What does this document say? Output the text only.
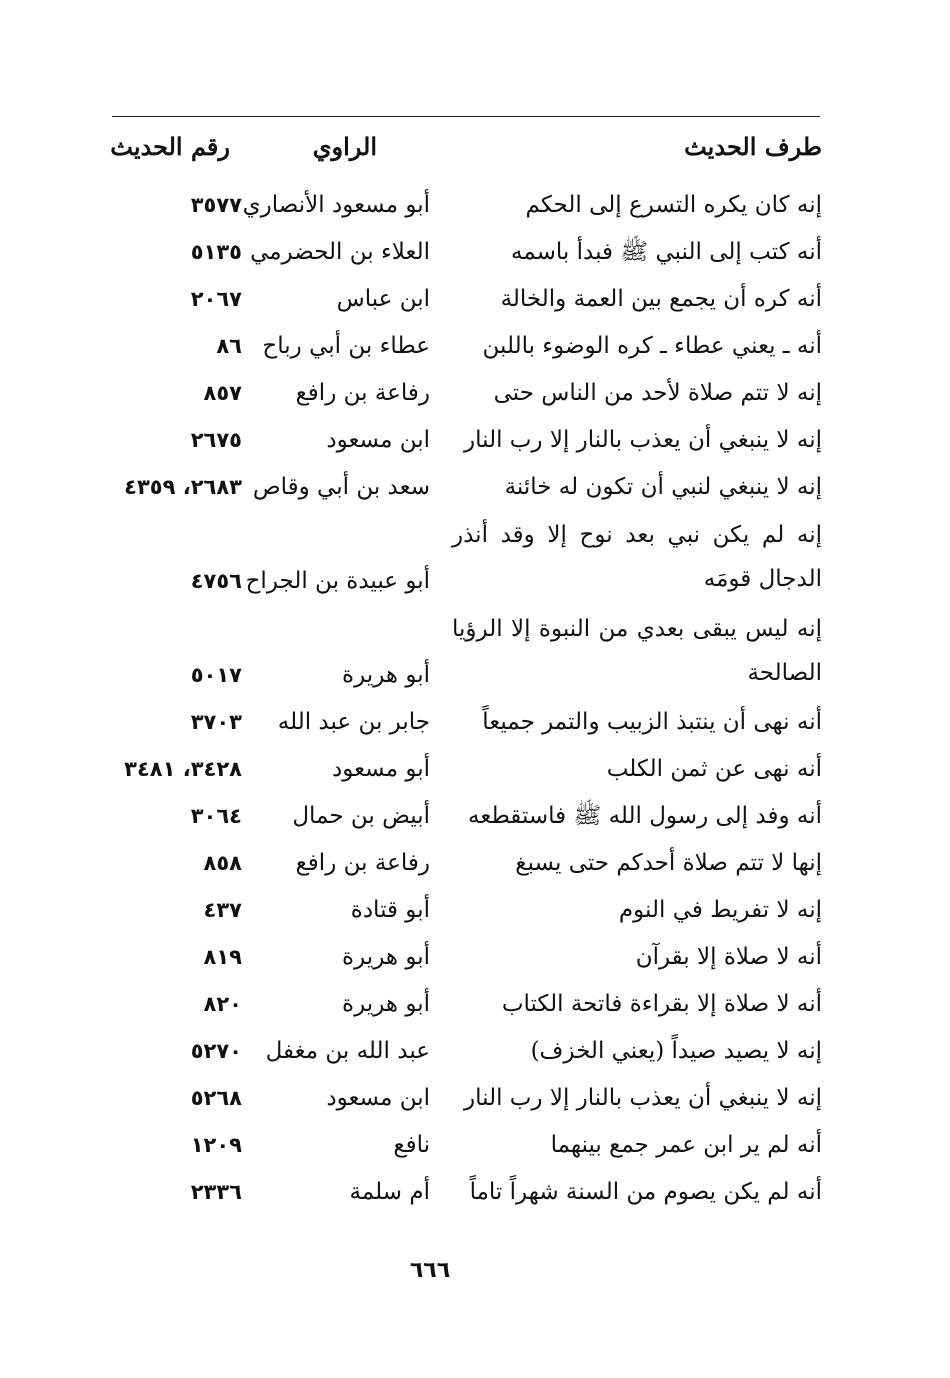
طرف الحديث
الراوي
رقم الحديث
إنه كان يكره التسرع إلى الحكم
أبو مسعود الأنصاري
٣٥٧٧
أنه كتب إلى النبي ﷺ فبدأ باسمه
العلاء بن الحضرمي
٥١٣٥
أنه كره أن يجمع بين العمة والخالة
ابن عباس
٢٠٦٧
أنه ـ يعني عطاء ـ كره الوضوء باللبن
عطاء بن أبي رباح
٨٦
إنه لا تتم صلاة لأحد من الناس حتى
رفاعة بن رافع
٨٥٧
إنه لا ينبغي أن يعذب بالنار إلا رب النار
ابن مسعود
٢٦٧٥
إنه لا ينبغي لنبي أن تكون له خائنة
سعد بن أبي وقاص
٢٦٨٣، ٤٣٥٩
إنه لم يكن نبي بعد نوح إلا وقد أنذر الدجال قومَه
أبو عبيدة بن الجراح
٤٧٥٦
إنه ليس يبقى بعدي من النبوة إلا الرؤيا الصالحة
أبو هريرة
٥٠١٧
أنه نهى أن ينتبذ الزبيب والتمر جميعاً
جابر بن عبد الله
٣٧٠٣
أنه نهى عن ثمن الكلب
أبو مسعود
٣٤٢٨، ٣٤٨١
أنه وفد إلى رسول الله ﷺ فاستقطعه
أبيض بن حمال
٣٠٦٤
إنها لا تتم صلاة أحدكم حتى يسبغ
رفاعة بن رافع
٨٥٨
إنه لا تفريط في النوم
أبو قتادة
٤٣٧
أنه لا صلاة إلا بقرآن
أبو هريرة
٨١٩
أنه لا صلاة إلا بقراءة فاتحة الكتاب
أبو هريرة
٨٢٠
إنه لا يصيد صيداً (يعني الخزف)
عبد الله بن مغفل
٥٢٧٠
إنه لا ينبغي أن يعذب بالنار إلا رب النار
ابن مسعود
٥٢٦٨
أنه لم ير ابن عمر جمع بينهما
نافع
١٢٠٩
أنه لم يكن يصوم من السنة شهراً تاماً
أم سلمة
٢٣٣٦
٦٦٦
